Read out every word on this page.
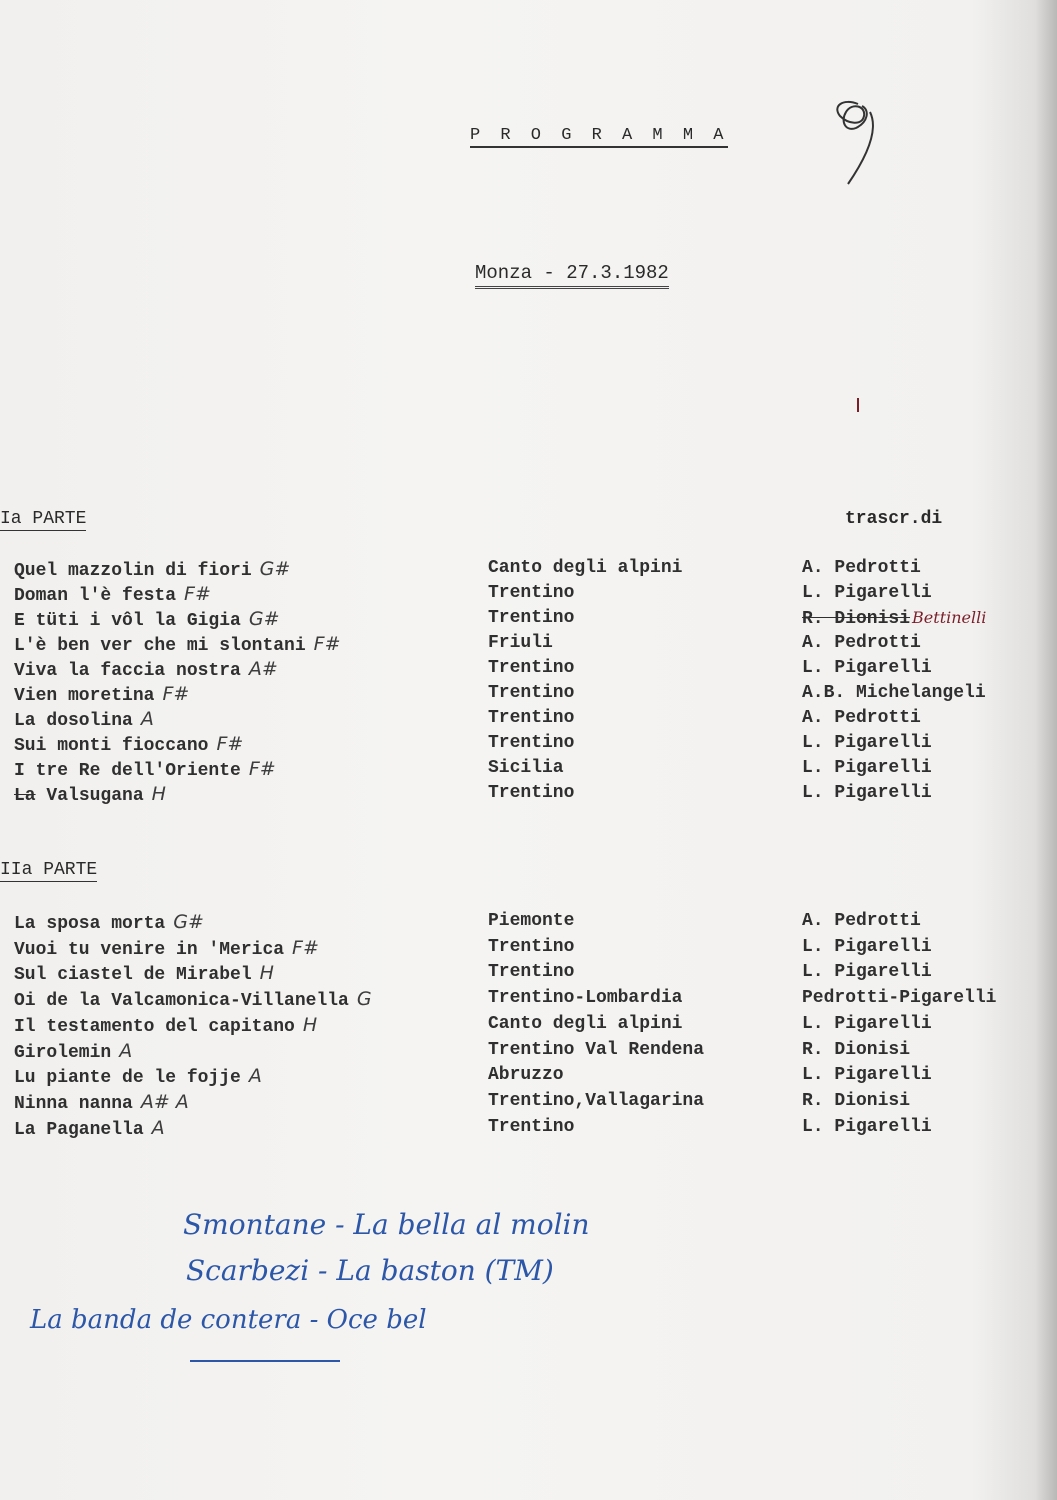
P R O G R A M M A
Monza - 27.3.1982
Ia PARTE	trascr.di
Quel mazzolin di fiori G#	Canto degli alpini	A. Pedrotti
Doman l'è festa F#	Trentino	L. Pigarelli
E tüti i vôl la Gigia G#	Trentino	R. Dionisi Bettinelli
L'è ben ver che mi slontani F#	Friuli	A. Pedrotti
Viva la faccia nostra A#	Trentino	L. Pigarelli
Vien moretina F#	Trentino	A.B. Michelangeli
La dosolina A	Trentino	A. Pedrotti
Sui monti fioccano F#	Trentino	L. Pigarelli
I tre Re dell'Oriente F#	Sicilia	L. Pigarelli
La Valsugana H	Trentino	L. Pigarelli
IIa PARTE
La sposa morta G#	Piemonte	A. Pedrotti
Vuoi tu venire in 'Merica F#	Trentino	L. Pigarelli
Sul ciastel de Mirabel H	Trentino	L. Pigarelli
Oi de la Valcamonica-Villanella G	Trentino-Lombardia	Pedrotti-Pigarelli
Il testamento del capitano H	Canto degli alpini	L. Pigarelli
Girolemin A	Trentino Val Rendena	R. Dionisi
Lu piante de le fojje A	Abruzzo	L. Pigarelli
Ninna nanna A# A	Trentino,Vallagarina	R. Dionisi
La Paganella A	Trentino	L. Pigarelli
Smontane - La bella al molin
Scarbezi - La baston (TM)
La banda de contera - Oce bel
